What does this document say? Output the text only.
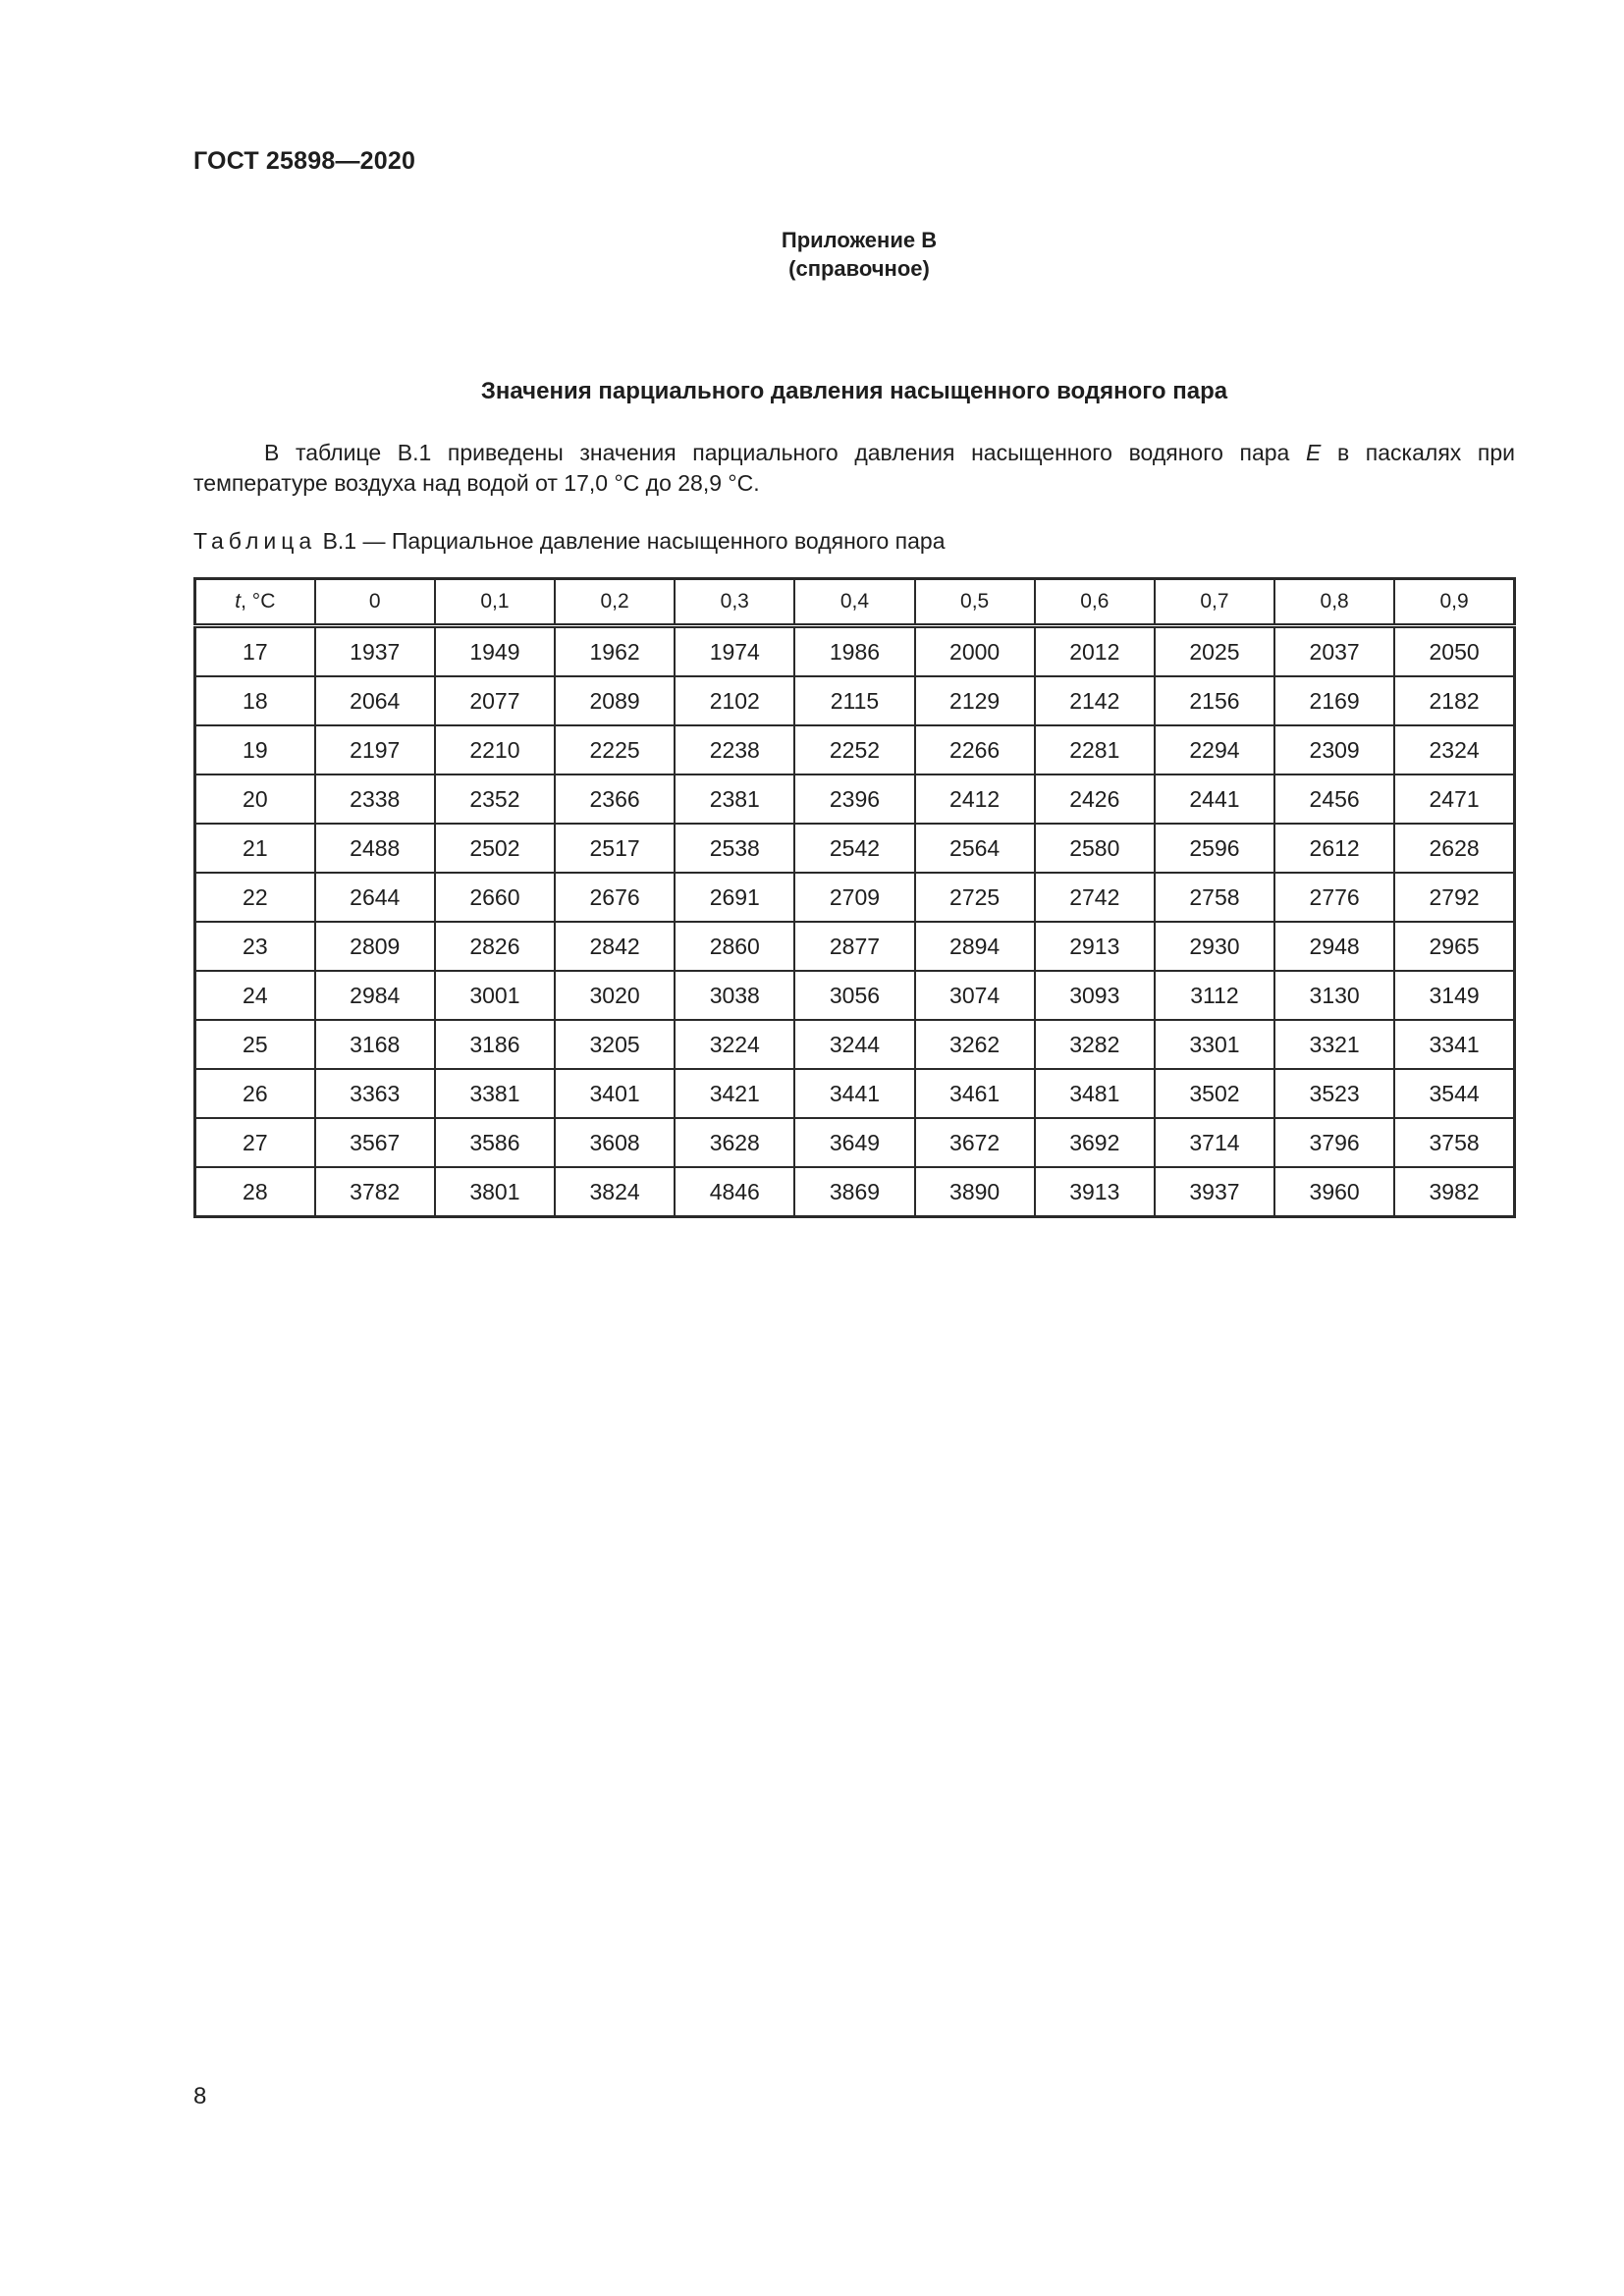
ГОСТ 25898—2020
Приложение В
(справочное)
Значения парциального давления насыщенного водяного пара
В таблице В.1 приведены значения парциального давления насыщенного водяного пара E в паскалях при температуре воздуха над водой от 17,0 °С до 28,9 °С.
Таблица В.1 — Парциальное давление насыщенного водяного пара
t, °С	0	0,1	0,2	0,3	0,4	0,5	0,6	0,7	0,8	0,9
17	1937	1949	1962	1974	1986	2000	2012	2025	2037	2050
18	2064	2077	2089	2102	2115	2129	2142	2156	2169	2182
19	2197	2210	2225	2238	2252	2266	2281	2294	2309	2324
20	2338	2352	2366	2381	2396	2412	2426	2441	2456	2471
21	2488	2502	2517	2538	2542	2564	2580	2596	2612	2628
22	2644	2660	2676	2691	2709	2725	2742	2758	2776	2792
23	2809	2826	2842	2860	2877	2894	2913	2930	2948	2965
24	2984	3001	3020	3038	3056	3074	3093	3112	3130	3149
25	3168	3186	3205	3224	3244	3262	3282	3301	3321	3341
26	3363	3381	3401	3421	3441	3461	3481	3502	3523	3544
27	3567	3586	3608	3628	3649	3672	3692	3714	3796	3758
28	3782	3801	3824	4846	3869	3890	3913	3937	3960	3982
8
